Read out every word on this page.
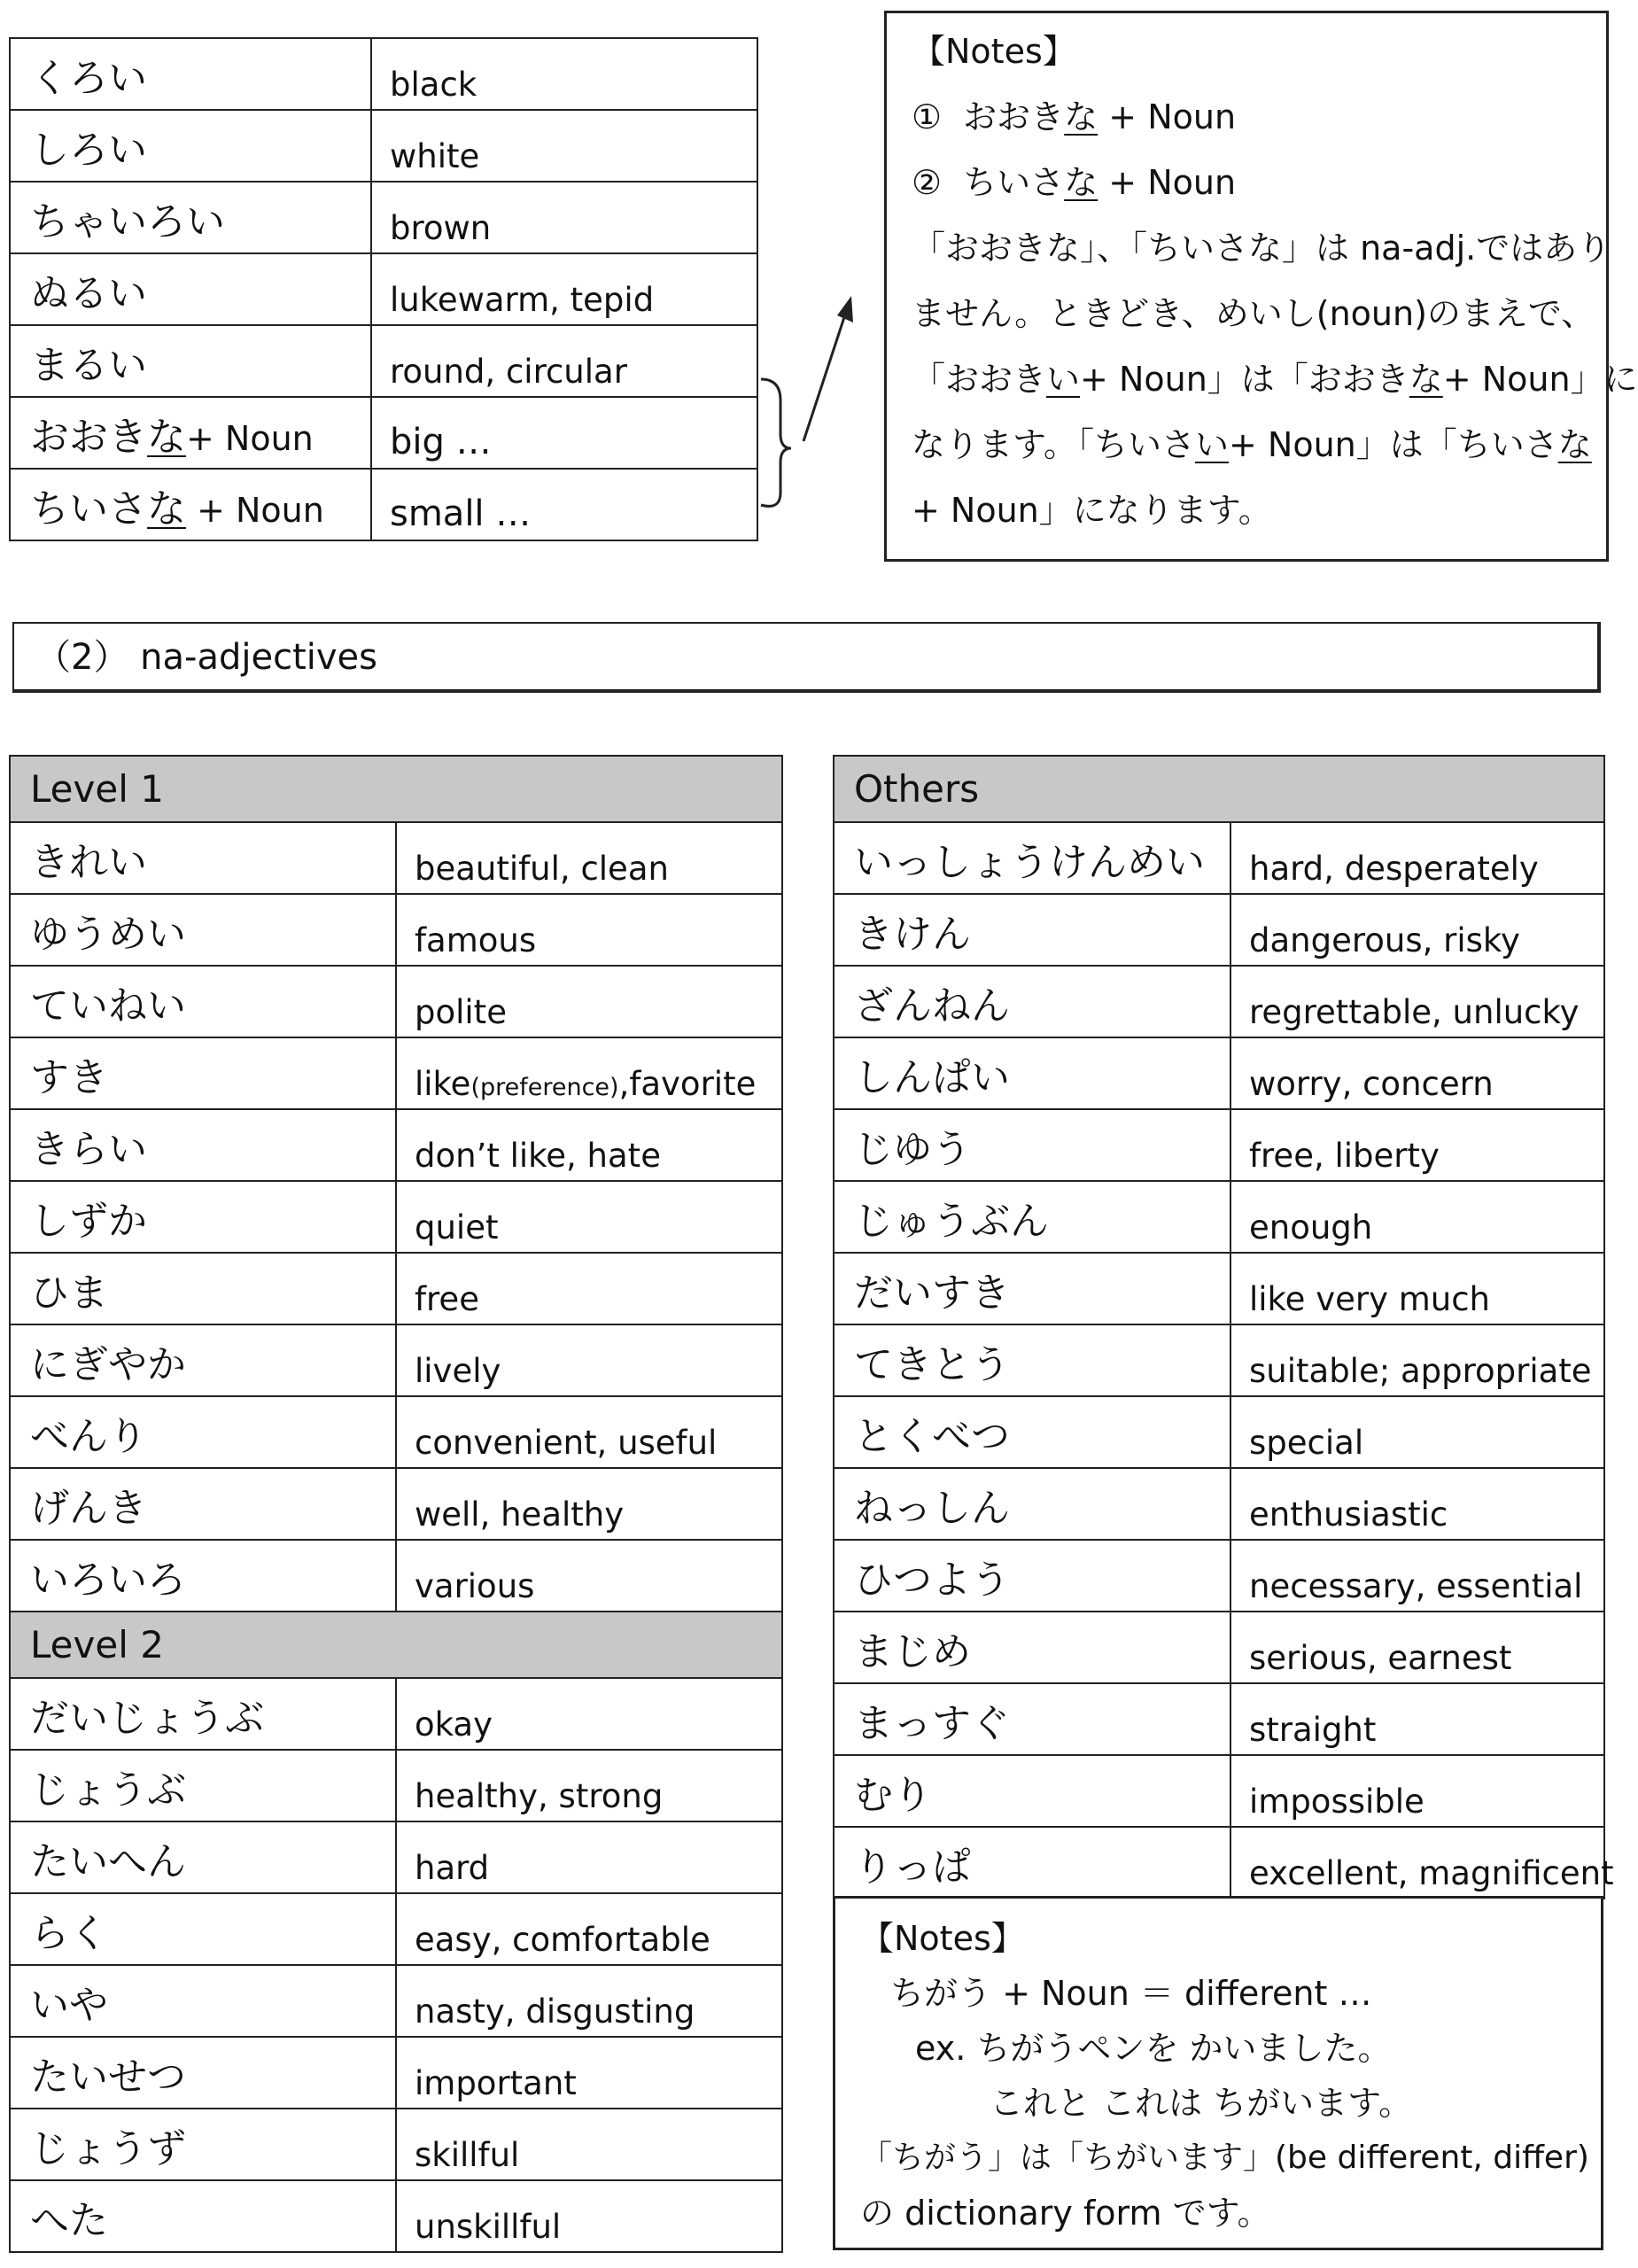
くろい	black
しろい	white
ちゃいろい	brown
ぬるい	lukewarm, tepid
まるい	round, circular
おおきな+ Noun	big …
ちいさな + Noun	small …

【Notes】

① おおきな + Noun

② ちいさな + Noun

「おおきな」、「ちいさな」は na-adj.ではあり

ません。ときどき、めいし(noun)のまえで、

「おおきい+ Noun」は「おおきな+ Noun」に

なります。「ちいさい+ Noun」は「ちいさな

+ Noun」になります。

（2） na-adjectives
Level 1	
きれい	beautiful, clean
ゆうめい	famous
ていねい	polite
すき	like(preference),favorite
きらい	don’t like, hate
しずか	quiet
ひま	free
にぎやか	lively
べんり	convenient, useful
げんき	well, healthy
いろいろ	various
Level 2	
だいじょうぶ	okay
じょうぶ	healthy, strong
たいへん	hard
らく	easy, comfortable
いや	nasty, disgusting
たいせつ	important
じょうず	skillful
へた	unskillful
Others	
いっしょうけんめい	hard, desperately
きけん	dangerous, risky
ざんねん	regrettable, unlucky
しんぱい	worry, concern
じゆう	free, liberty
じゅうぶん	enough
だいすき	like very much
てきとう	suitable; appropriate
とくべつ	special
ねっしん	enthusiastic
ひつよう	necessary, essential
まじめ	serious, earnest
まっすぐ	straight
むり	impossible
りっぱ	excellent, magnificent

【Notes】

ちがう + Noun ＝ different …

ex. ちがうペンを かいました。

これと これは ちがいます。

「ちがう」は「ちがいます」(be different, differ)

の dictionary form です。
